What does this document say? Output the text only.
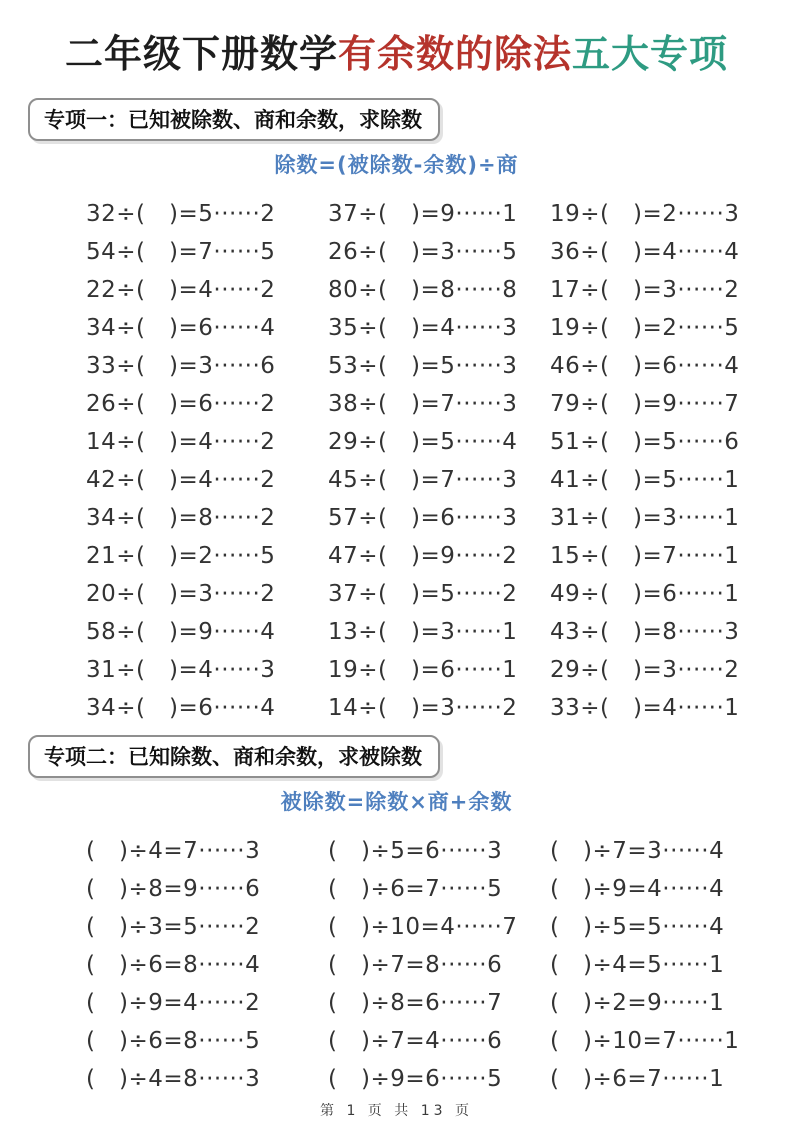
二年级下册数学有余数的除法五大专项
专项一：已知被除数、商和余数，求除数
除数=(被除数-余数)÷商
32÷(　)=5······2	37÷(　)=9······1	19÷(　)=2······3
54÷(　)=7······5	26÷(　)=3······5	36÷(　)=4······4
22÷(　)=4······2	80÷(　)=8······8	17÷(　)=3······2
34÷(　)=6······4	35÷(　)=4······3	19÷(　)=2······5
33÷(　)=3······6	53÷(　)=5······3	46÷(　)=6······4
26÷(　)=6······2	38÷(　)=7······3	79÷(　)=9······7
14÷(　)=4······2	29÷(　)=5······4	51÷(　)=5······6
42÷(　)=4······2	45÷(　)=7······3	41÷(　)=5······1
34÷(　)=8······2	57÷(　)=6······3	31÷(　)=3······1
21÷(　)=2······5	47÷(　)=9······2	15÷(　)=7······1
20÷(　)=3······2	37÷(　)=5······2	49÷(　)=6······1
58÷(　)=9······4	13÷(　)=3······1	43÷(　)=8······3
31÷(　)=4······3	19÷(　)=6······1	29÷(　)=3······2
34÷(　)=6······4	14÷(　)=3······2	33÷(　)=4······1
专项二：已知除数、商和余数，求被除数
被除数=除数×商+余数
(　)÷4=7······3	(　)÷5=6······3	(　)÷7=3······4
(　)÷8=9······6	(　)÷6=7······5	(　)÷9=4······4
(　)÷3=5······2	(　)÷10=4······7	(　)÷5=5······4
(　)÷6=8······4	(　)÷7=8······6	(　)÷4=5······1
(　)÷9=4······2	(　)÷8=6······7	(　)÷2=9······1
(　)÷6=8······5	(　)÷7=4······6	(　)÷10=7······1
(　)÷4=8······3	(　)÷9=6······5	(　)÷6=7······1
第 1 页 共 13 页
